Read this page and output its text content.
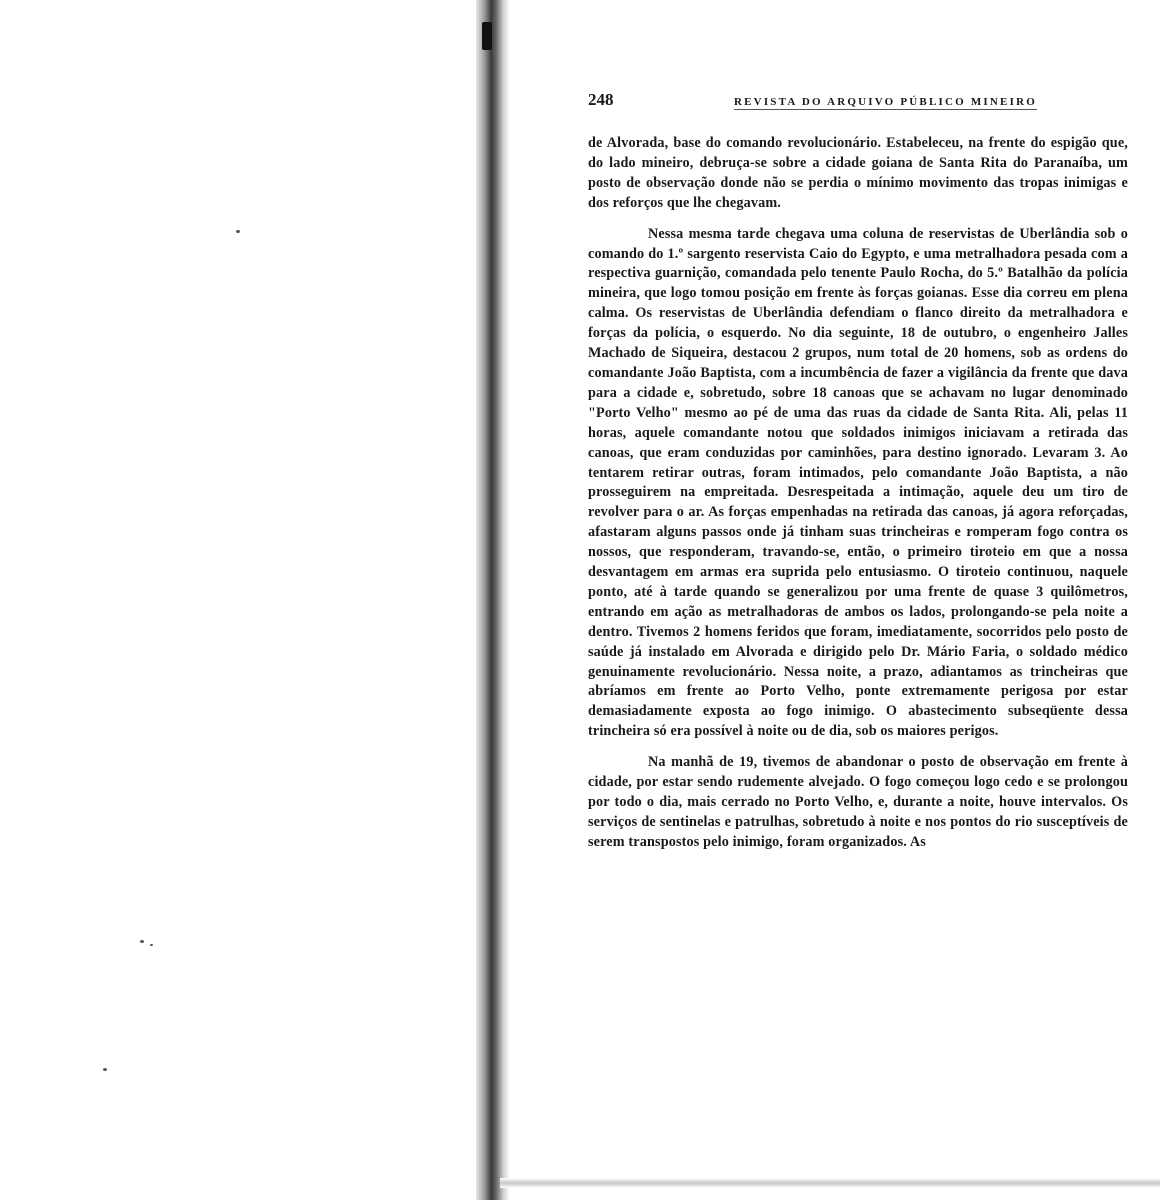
248	REVISTA DO ARQUIVO PÚBLICO MINEIRO

de Alvorada, base do comando revolucionário. Estabeleceu, na frente do espigão que, do lado mineiro, debruça-se sobre a cidade goiana de Santa Rita do Paranaíba, um posto de observação donde não se perdia o mínimo movimento das tropas inimigas e dos reforços que lhe chegavam.

Nessa mesma tarde chegava uma coluna de reservistas de Uberlândia sob o comando do 1.º sargento reservista Caio do Egypto, e uma metralhadora pesada com a respectiva guarnição, comandada pelo tenente Paulo Rocha, do 5.º Batalhão da polícia mineira, que logo tomou posição em frente às forças goianas. Esse dia correu em plena calma. Os reservistas de Uberlândia defendiam o flanco direito da metralhadora e forças da polícia, o esquerdo. No dia seguinte, 18 de outubro, o engenheiro Jalles Machado de Siqueira, destacou 2 grupos, num total de 20 homens, sob as ordens do comandante João Baptista, com a incumbência de fazer a vigilância da frente que dava para a cidade e, sobretudo, sobre 18 canoas que se achavam no lugar denominado "Porto Velho" mesmo ao pé de uma das ruas da cidade de Santa Rita. Ali, pelas 11 horas, aquele comandante notou que soldados inimigos iniciavam a retirada das canoas, que eram conduzidas por caminhões, para destino ignorado. Levaram 3. Ao tentarem retirar outras, foram intimados, pelo comandante João Baptista, a não prosseguirem na empreitada. Desrespeitada a intimação, aquele deu um tiro de revolver para o ar. As forças empenhadas na retirada das canoas, já agora reforçadas, afastaram alguns passos onde já tinham suas trincheiras e romperam fogo contra os nossos, que responderam, travando-se, então, o primeiro tiroteio em que a nossa desvantagem em armas era suprida pelo entusiasmo. O tiroteio continuou, naquele ponto, até à tarde quando se generalizou por uma frente de quase 3 quilômetros, entrando em ação as metralhadoras de ambos os lados, prolongando-se pela noite a dentro. Tivemos 2 homens feridos que foram, imediatamente, socorridos pelo posto de saúde já instalado em Alvorada e dirigido pelo Dr. Mário Faria, o soldado médico genuinamente revolucionário. Nessa noite, a prazo, adiantamos as trincheiras que abríamos em frente ao Porto Velho, ponte extremamente perigosa por estar demasiadamente exposta ao fogo inimigo. O abastecimento subseqüente dessa trincheira só era possível à noite ou de dia, sob os maiores perigos.

Na manhã de 19, tivemos de abandonar o posto de observação em frente à cidade, por estar sendo rudemente alvejado. O fogo começou logo cedo e se prolongou por todo o dia, mais cerrado no Porto Velho, e, durante a noite, houve intervalos. Os serviços de sentinelas e patrulhas, sobretudo à noite e nos pontos do rio susceptíveis de serem transpostos pelo inimigo, foram organizados. As
